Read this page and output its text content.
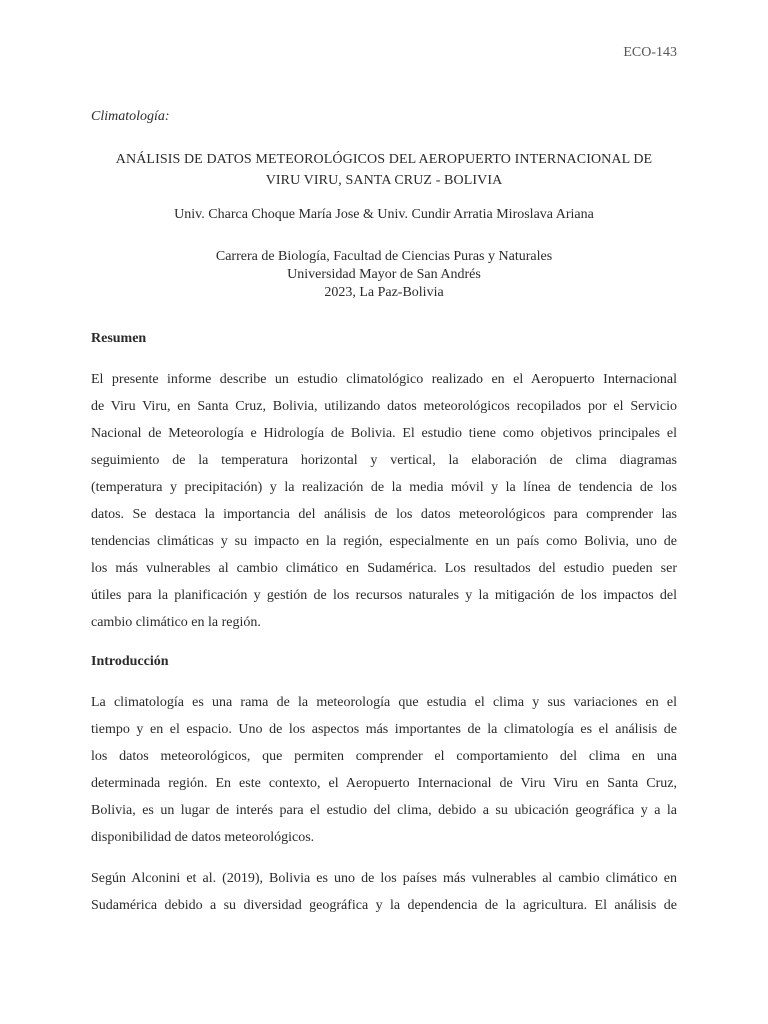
ECO-143
Climatología:
ANÁLISIS DE DATOS METEOROLÓGICOS DEL AEROPUERTO INTERNACIONAL DE
VIRU VIRU, SANTA CRUZ - BOLIVIA
Univ. Charca Choque María Jose & Univ. Cundir Arratia Miroslava Ariana
Carrera de Biología, Facultad de Ciencias Puras y Naturales
Universidad Mayor de San Andrés
2023, La Paz-Bolivia
Resumen
El presente informe describe un estudio climatológico realizado en el Aeropuerto Internacional
de Viru Viru, en Santa Cruz, Bolivia, utilizando datos meteorológicos recopilados por el Servicio
Nacional de Meteorología e Hidrología de Bolivia. El estudio tiene como objetivos principales el
seguimiento de la temperatura horizontal y vertical, la elaboración de clima diagramas
(temperatura y precipitación) y la realización de la media móvil y la línea de tendencia de los
datos. Se destaca la importancia del análisis de los datos meteorológicos para comprender las
tendencias climáticas y su impacto en la región, especialmente en un país como Bolivia, uno de
los más vulnerables al cambio climático en Sudamérica. Los resultados del estudio pueden ser
útiles para la planificación y gestión de los recursos naturales y la mitigación de los impactos del
cambio climático en la región.
Introducción
La climatología es una rama de la meteorología que estudia el clima y sus variaciones en el
tiempo y en el espacio. Uno de los aspectos más importantes de la climatología es el análisis de
los datos meteorológicos, que permiten comprender el comportamiento del clima en una
determinada región. En este contexto, el Aeropuerto Internacional de Viru Viru en Santa Cruz,
Bolivia, es un lugar de interés para el estudio del clima, debido a su ubicación geográfica y a la
disponibilidad de datos meteorológicos.
Según Alconini et al. (2019), Bolivia es uno de los países más vulnerables al cambio climático en
Sudamérica debido a su diversidad geográfica y la dependencia de la agricultura. El análisis de
